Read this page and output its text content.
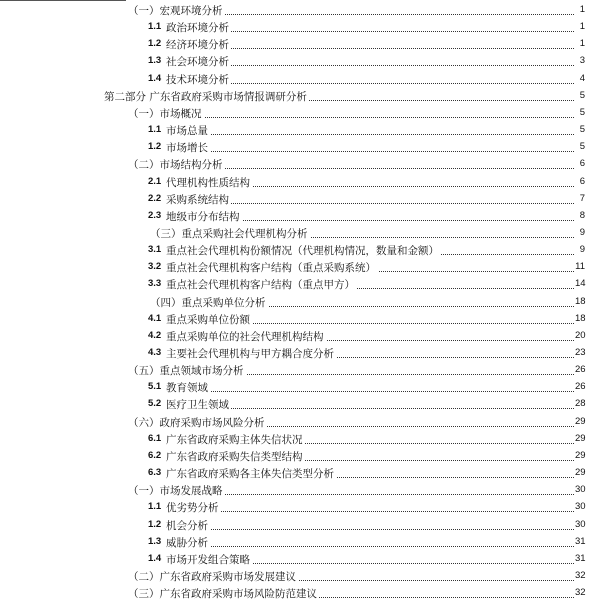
（一）宏观环境分析	1
1.1 政治环境分析	1
1.2 经济环境分析	1
1.3 社会环境分析	3
1.4 技术环境分析	4
第二部分 广东省政府采购市场情报调研分析	5
（一）市场概况	5
1.1 市场总量	5
1.2 市场增长	5
（二）市场结构分析	6
2.1 代理机构性质结构	6
2.2 采购系统结构	7
2.3 地级市分布结构	8
（三）重点采购社会代理机构分析	9
3.1 重点社会代理机构份额情况（代理机构情况，数量和金额）	9
3.2 重点社会代理机构客户结构（重点采购系统）	11
3.3 重点社会代理机构客户结构（重点甲方）	14
（四）重点采购单位分析	18
4.1 重点采购单位份额	18
4.2 重点采购单位的社会代理机构结构	20
4.3 主要社会代理机构与甲方耦合度分析	23
（五）重点领域市场分析	26
5.1 教育领域	26
5.2 医疗卫生领域	28
（六）政府采购市场风险分析	29
6.1 广东省政府采购主体失信状况	29
6.2 广东省政府采购失信类型结构	29
6.3 广东省政府采购各主体失信类型分析	29
（一）市场发展战略	30
1.1 优劣势分析	30
1.2 机会分析	30
1.3 威胁分析	31
1.4 市场开发组合策略	31
（二）广东省政府采购市场发展建议	32
（三）广东省政府采购市场风险防范建议	32
